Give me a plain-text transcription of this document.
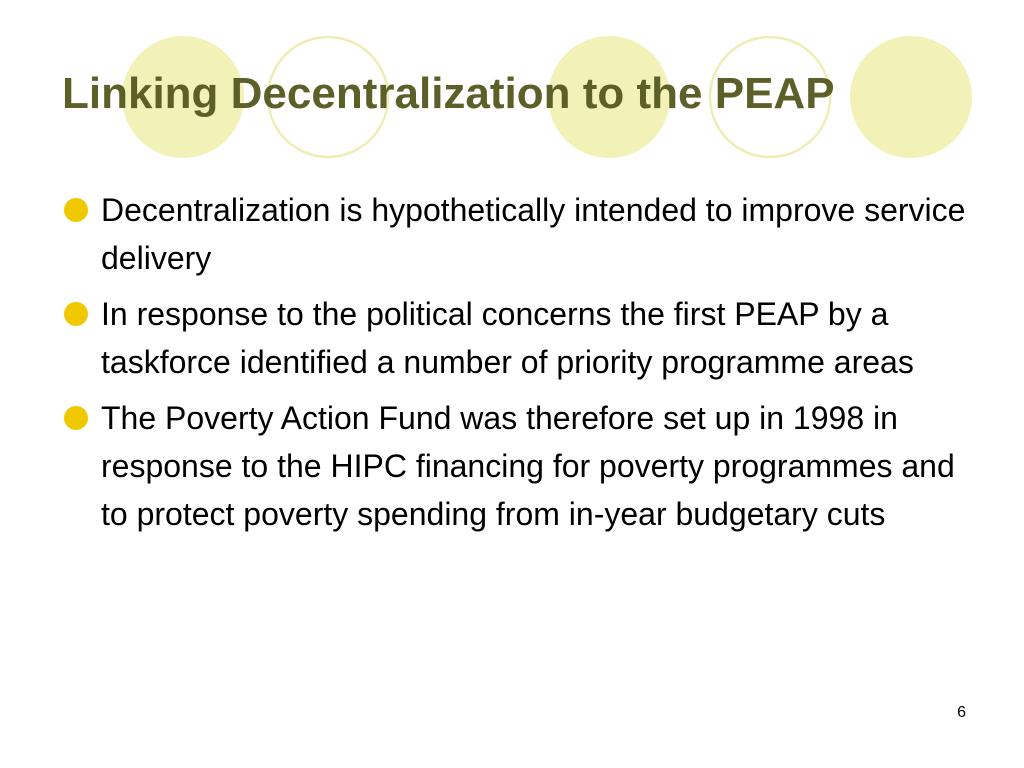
Linking Decentralization to the PEAP
Decentralization is hypothetically intended to improve service delivery
In response to the political concerns the first PEAP by a taskforce identified a number of priority programme areas
The Poverty Action Fund was therefore set up in 1998 in response to the HIPC financing for poverty programmes and to protect poverty spending from in-year budgetary cuts
6
